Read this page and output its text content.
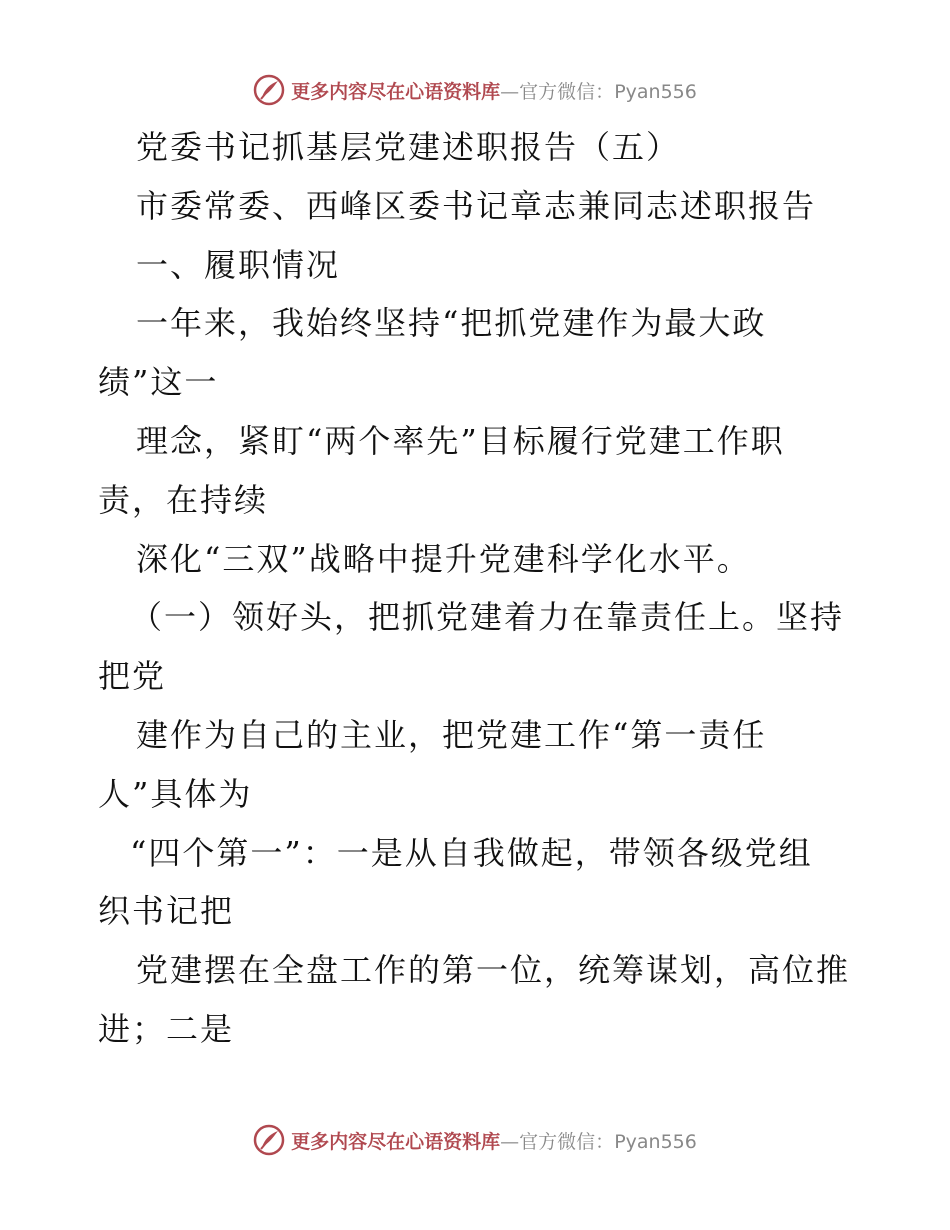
更多内容尽在心语资料库—官方微信：Pyan556
党委书记抓基层党建述职报告（五）
市委常委、西峰区委书记章志兼同志述职报告
一、履职情况
一年来，我始终坚持“把抓党建作为最大政
绩”这一
理念，紧盯“两个率先”目标履行党建工作职
责，在持续
深化“三双”战略中提升党建科学化水平。
（一）领好头，把抓党建着力在靠责任上。坚持
把党
建作为自己的主业，把党建工作“第一责任
人”具体为
“四个第一”：一是从自我做起，带领各级党组
织书记把
党建摆在全盘工作的第一位，统筹谋划，高位推
进；二是
更多内容尽在心语资料库—官方微信：Pyan556
